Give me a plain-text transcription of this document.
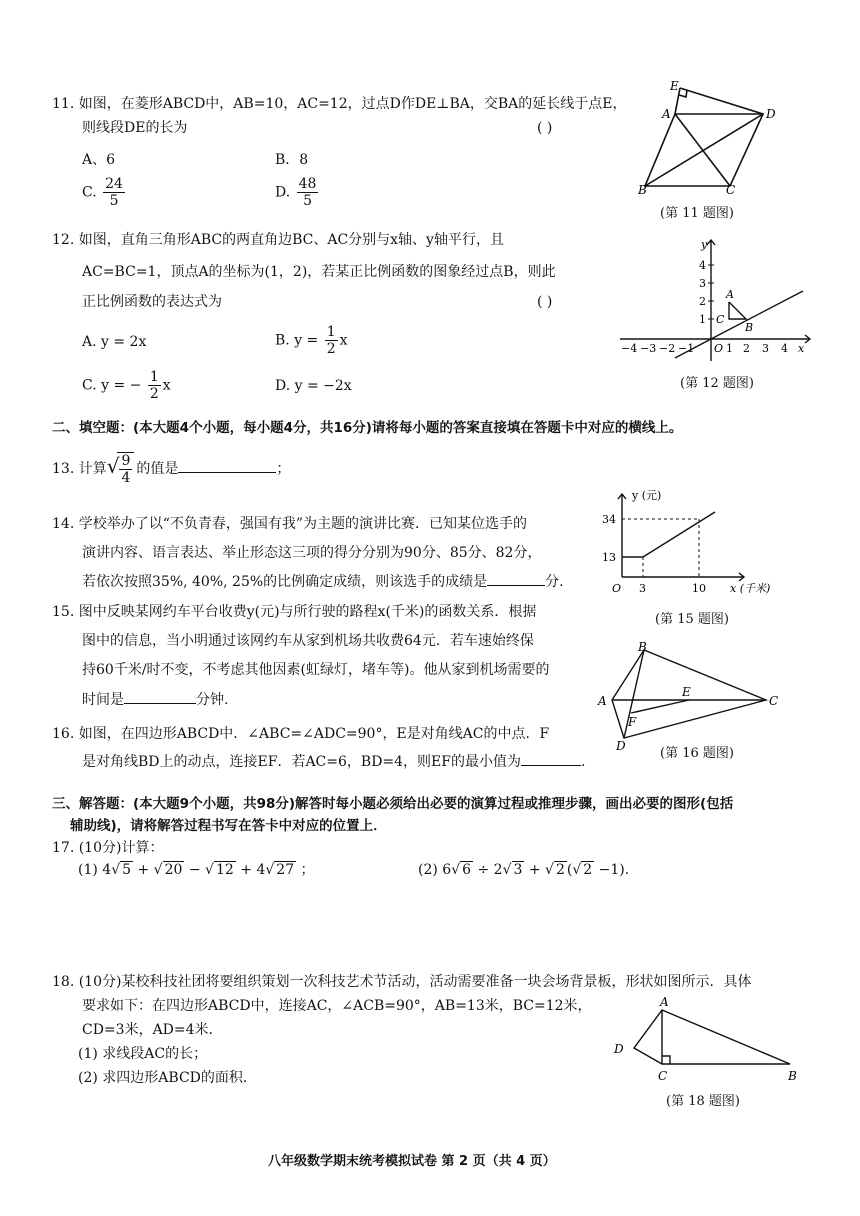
11. 如图，在菱形ABCD中，AB=10，AC=12，过点D作DE⊥BA，交BA的延长线于点E，
则线段DE的长为	( )
A、6	B．8
C. $\frac{24}{5}$	D. $\frac{48}{5}$
E
A	D
B	C
(第 11 题图)
12. 如图，直角三角形ABC的两直角边BC、AC分别与x轴、y轴平行，且
AC=BC=1，顶点A的坐标为(1，2)，若某正比例函数的图象经过点B，则此
正比例函数的表达式为	( )
A. y = 2x	B. $y = \frac{1}{2}$ x
C. y = − $\frac{1}{2}$ x	D. y = −2x
y
4
3
2
1
A
C
B
−4 −3 −2 −1 O 1 2 3 4 x
(第 12 题图)
二、填空题：(本大题4个小题，每小题4分，共16分)请将每小题的答案直接填在答题卡中对应的横线上。
13. 计算√
$\frac{9}{4}$ 的值是	；
14. 学校举办了以“不负青春，强国有我”为主题的演讲比赛．已知某位选手的
演讲内容、语言表达、举止形态这三项的得分分别为90分、85分、82分，
若依次按照35%, 40%, 25%的比例确定成绩，则该选手的成绩是	分.
y (元)
34
13
O 3	10 x (千米)
(第 15 题图)
15. 图中反映某网约车平台收费y(元)与所行驶的路程x(千米)的函数关系．根据
图中的信息，当小明通过该网约车从家到机场共收费64元．若车速始终保
持60千米/时不变，不考虑其他因素(虹绿灯，堵车等)。他从家到机场需要的
时间是	分钟.
B
A
E
C
F
D	(第 16 题图)
16. 如图，在四边形ABCD中．∠ABC=∠ADC=90°，E是对角线AC的中点．F
是对角线BD上的动点，连接EF．若AC=6，BD=4，则EF的最小值为	.
三、解答题：(本大题9个小题，共98分)解答时每小题必须给出必要的演算过程或推理步骤，画出必要的图形(包括
辅助线)，请将解答过程书写在答卡中对应的位置上．
17. (10分)计算：
(1) 4√ 5 + √ 20 − √ 12 + 4√ 27 ；	(2) 6√ 6 ÷ 2√ 3 + √ 2 (√ 2 −1).
18. (10分)某校科技社团将要组织策划一次科技艺术节活动，活动需要准备一块会场背景板，形状如图所示．具体
要求如下：在四边形ABCD中，连接AC，∠ACB=90°，AB=13米，BC=12米，
CD=3米，AD=4米．
(1) 求线段AC的长；
(2) 求四边形ABCD的面积．
A
D
C	B
(第 18 题图)
八年级数学期末统考模拟试卷 第 2 页（共 4 页）
